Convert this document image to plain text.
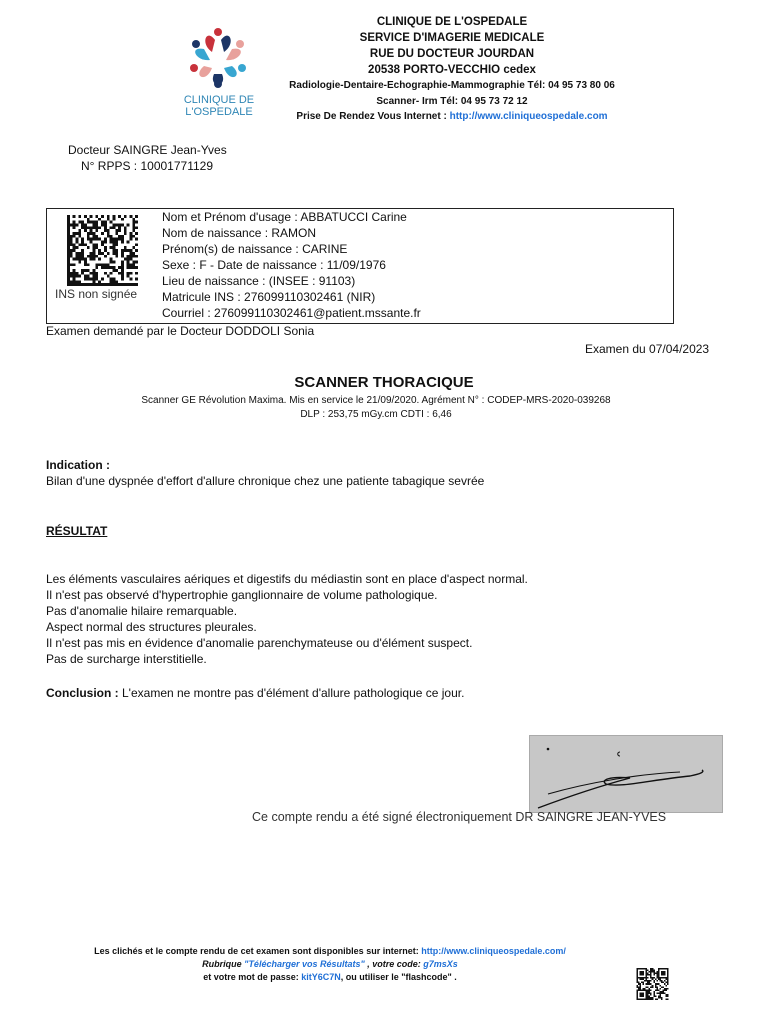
CLINIQUE DE
L'OSPEDALE
CLINIQUE DE L'OSPEDALE
SERVICE D'IMAGERIE MEDICALE
RUE DU DOCTEUR JOURDAN
20538 PORTO-VECCHIO cedex
Radiologie-Dentaire-Echographie-Mammographie Tél: 04 95 73 80 06
Scanner- Irm Tél: 04 95 73 72 12
Prise De Rendez Vous Internet : http://www.cliniqueospedale.com
Docteur SAINGRE Jean-Yves
N° RPPS : 10001771129
INS non signée
Nom et Prénom d'usage : ABBATUCCI Carine
Nom de naissance : RAMON
Prénom(s) de naissance : CARINE
Sexe : F - Date de naissance : 11/09/1976
Lieu de naissance : (INSEE : 91103)
Matricule INS : 276099110302461 (NIR)
Courriel : 276099110302461@patient.mssante.fr
Examen demandé par le Docteur DODDOLI Sonia
Examen du 07/04/2023
SCANNER THORACIQUE
Scanner GE Révolution Maxima. Mis en service le 21/09/2020. Agrément N° : CODEP-MRS-2020-039268
DLP : 253,75 mGy.cm CDTI : 6,46
Indication :
Bilan d'une dyspnée d'effort d'allure chronique chez une patiente tabagique sevrée
RÉSULTAT
Les éléments vasculaires aériques et digestifs du médiastin sont en place d'aspect normal.
Il n'est pas observé d'hypertrophie ganglionnaire de volume pathologique.
Pas d'anomalie hilaire remarquable.
Aspect normal des structures pleurales.
Il n'est pas mis en évidence d'anomalie parenchymateuse ou d'élément suspect.
Pas de surcharge interstitielle.
Conclusion : L'examen ne montre pas d'élément d'allure pathologique ce jour.
Ce compte rendu a été signé électroniquement DR SAINGRE JEAN-YVES
Les clichés et le compte rendu de cet examen sont disponibles sur internet: http://www.cliniqueospedale.com/
Rubrique "Télécharger vos Résultats" , votre code: g7msXs
et votre mot de passe: kitY6C7N, ou utiliser le "flashcode" .
